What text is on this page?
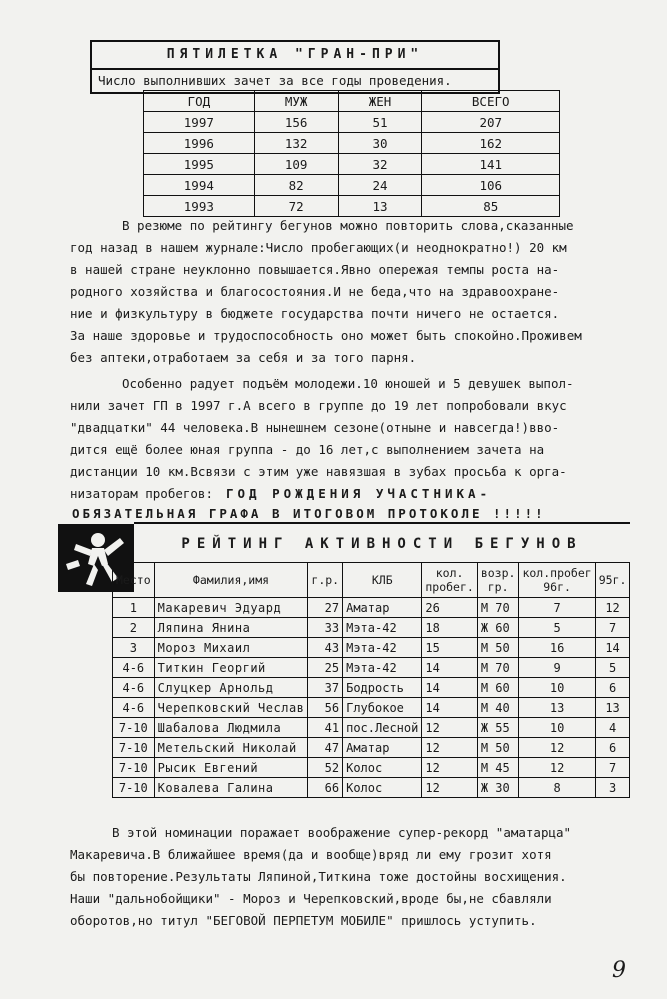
ПЯТИЛЕТКА "ГРАН-ПРИ"
Число выполнивших зачет за все годы проведения.
ГОД	МУЖ	ЖЕН	ВСЕГО
1997	156	51	207
1996	132	30	162
1995	109	32	141
1994	82	24	106
1993	72	13	85

В резюме по рейтингу бегунов можно повторить слова,сказанные
год назад в нашем журнале:Число пробегающих(и неоднократно!) 20 км
в нашей стране неуклонно повышается.Явно опережая темпы роста на-
родного хозяйства и благосостояния.И не беда,что на здравоохране-
ние и физкультуру в бюджете государства почти ничего не остается.
За наше здоровье и трудоспособность оно может быть спокойно.Проживем
без аптеки,отработаем за себя и за того парня.

Особенно радует подъём молодежи.10 юношей и 5 девушек выпол-
нили зачет ГП в 1997 г.А всего в группе до 19 лет попробовали вкус
"двадцатки" 44 человека.В нынешнем сезоне(отныне и навсегда!)вво-
дится ещё более юная группа - до 16 лет,с выполнением зачета на
дистанции 10 км.Всвязи с этим уже навязшая в зубах просьба к орга-
низаторам пробегов:	ГОД РОЖДЕНИЯ УЧАСТНИКА-
ОБЯЗАТЕЛЬНАЯ ГРАФА В ИТОГОВОМ ПРОТОКОЛЕ !!!!!
РЕЙТИНГ АКТИВНОСТИ БЕГУНОВ
Место	Фамилия,имя	г.р.	КЛБ	кол. пробег.	возр. гр.	кол.пробег 96г.	95г.
1	Макаревич Эдуард	27	Аматар	26	М 70	7	12
2	Ляпина Янина	33	Мэта-42	18	Ж 60	5	7
3	Мороз Михаил	43	Мэта-42	15	М 50	16	14
4-6	Титкин Георгий	25	Мэта-42	14	М 70	9	5
4-6	Слуцкер Арнольд	37	Бодрость	14	М 60	10	6
4-6	Черепковский Чеслав	56	Глубокое	14	М 40	13	13
7-10	Шабалова Людмила	41	пос.Лесной	12	Ж 55	10	4
7-10	Метельский Николай	47	Аматар	12	М 50	12	6
7-10	Рысик Евгений	52	Колос	12	М 45	12	7
7-10	Ковалева Галина	66	Колос	12	Ж 30	8	3

В этой номинации поражает воображение супер-рекорд "аматарца"
Макаревича.В ближайшее время(да и вообще)вряд ли ему грозит хотя
бы повторение.Результаты Ляпиной,Титкина тоже достойны восхищения.
Наши "дальнобойщики" - Мороз и Черепковский,вроде бы,не сбавляли
оборотов,но титул "БЕГОВОЙ ПЕРПЕТУМ МОБИЛЕ" пришлось уступить.

9
